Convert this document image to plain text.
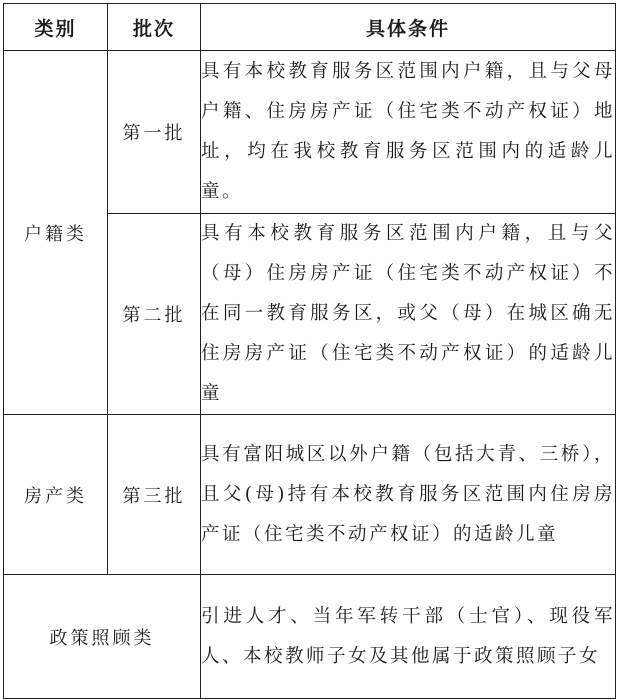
类别	批次	具体条件
户籍类	第一批	具有本校教育服务区范围内户籍，且与父母户籍、住房房产证（住宅类不动产权证）地址，均在我校教育服务区范围内的适龄儿童。
	第二批	具有本校教育服务区范围内户籍，且与父（母）住房房产证（住宅类不动产权证）不在同一教育服务区，或父（母）在城区确无住房房产证（住宅类不动产权证）的适龄儿童
房产类	第三批	具有富阳城区以外户籍（包括大青、三桥），且父(母)持有本校教育服务区范围内住房房产证（住宅类不动产权证）的适龄儿童
政策照顾类		引进人才、当年军转干部（士官）、现役军人、本校教师子女及其他属于政策照顾子女
